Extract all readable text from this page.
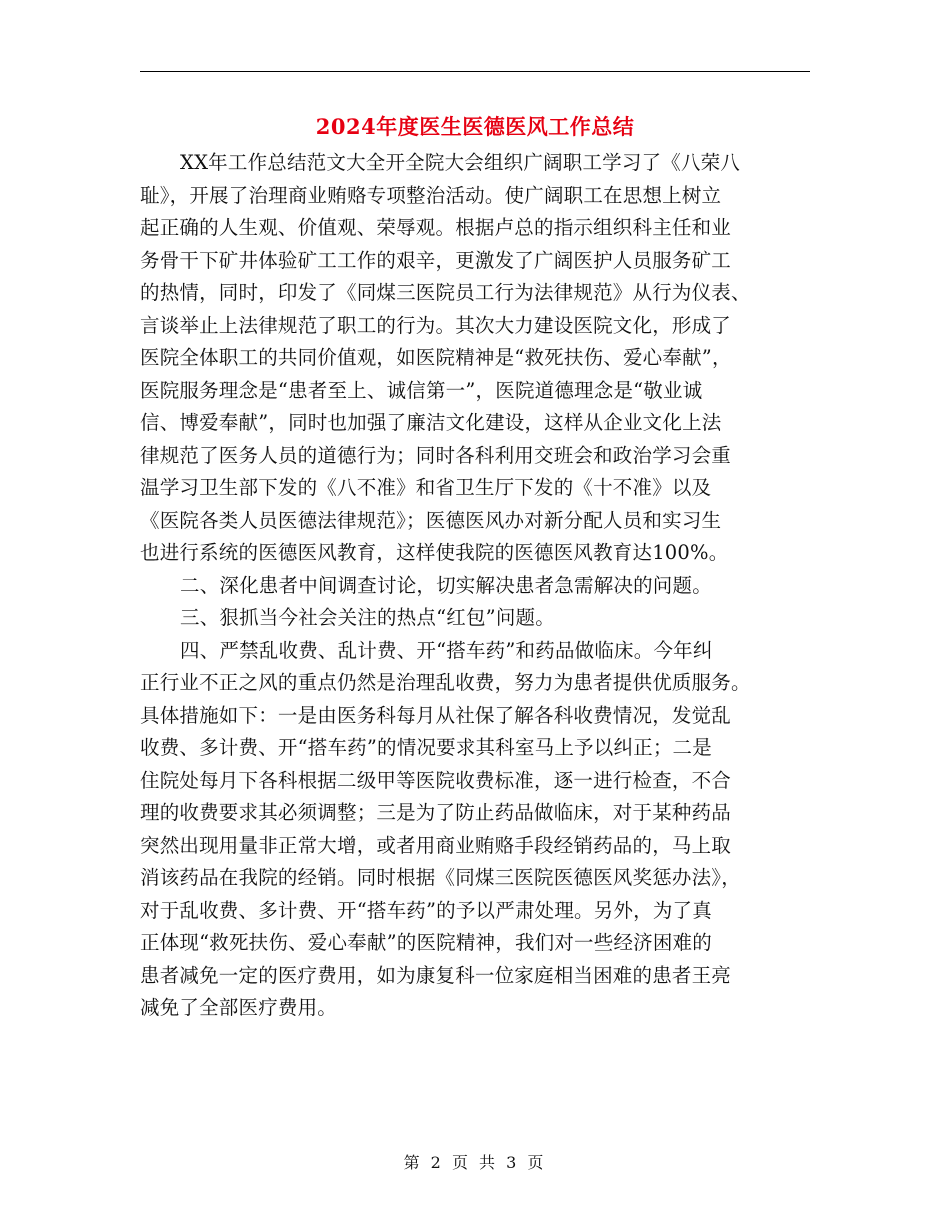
2024年度医生医德医风工作总结
XX年工作总结范文大全开全院大会组织广阔职工学习了《八荣八
耻》，开展了治理商业贿赂专项整治活动。使广阔职工在思想上树立
起正确的人生观、价值观、荣辱观。根据卢总的指示组织科主任和业
务骨干下矿井体验矿工工作的艰辛，更激发了广阔医护人员服务矿工
的热情，同时，印发了《同煤三医院员工行为法律规范》从行为仪表、
言谈举止上法律规范了职工的行为。其次大力建设医院文化，形成了
医院全体职工的共同价值观，如医院精神是“救死扶伤、爱心奉献”，
医院服务理念是“患者至上、诚信第一”，医院道德理念是“敬业诚
信、博爱奉献”，同时也加强了廉洁文化建设，这样从企业文化上法
律规范了医务人员的道德行为；同时各科利用交班会和政治学习会重
温学习卫生部下发的《八不准》和省卫生厅下发的《十不准》以及
《医院各类人员医德法律规范》；医德医风办对新分配人员和实习生
也进行系统的医德医风教育，这样使我院的医德医风教育达100%。
二、深化患者中间调查讨论，切实解决患者急需解决的问题。
三、狠抓当今社会关注的热点“红包”问题。
四、严禁乱收费、乱计费、开“搭车药”和药品做临床。今年纠
正行业不正之风的重点仍然是治理乱收费，努力为患者提供优质服务。
具体措施如下：一是由医务科每月从社保了解各科收费情况，发觉乱
收费、多计费、开“搭车药”的情况要求其科室马上予以纠正；二是
住院处每月下各科根据二级甲等医院收费标准，逐一进行检查，不合
理的收费要求其必须调整；三是为了防止药品做临床，对于某种药品
突然出现用量非正常大增，或者用商业贿赂手段经销药品的，马上取
消该药品在我院的经销。同时根据《同煤三医院医德医风奖惩办法》，
对于乱收费、多计费、开“搭车药”的予以严肃处理。另外，为了真
正体现“救死扶伤、爱心奉献”的医院精神，我们对一些经济困难的
患者减免一定的医疗费用，如为康复科一位家庭相当困难的患者王亮
减免了全部医疗费用。
第 2 页 共 3 页
